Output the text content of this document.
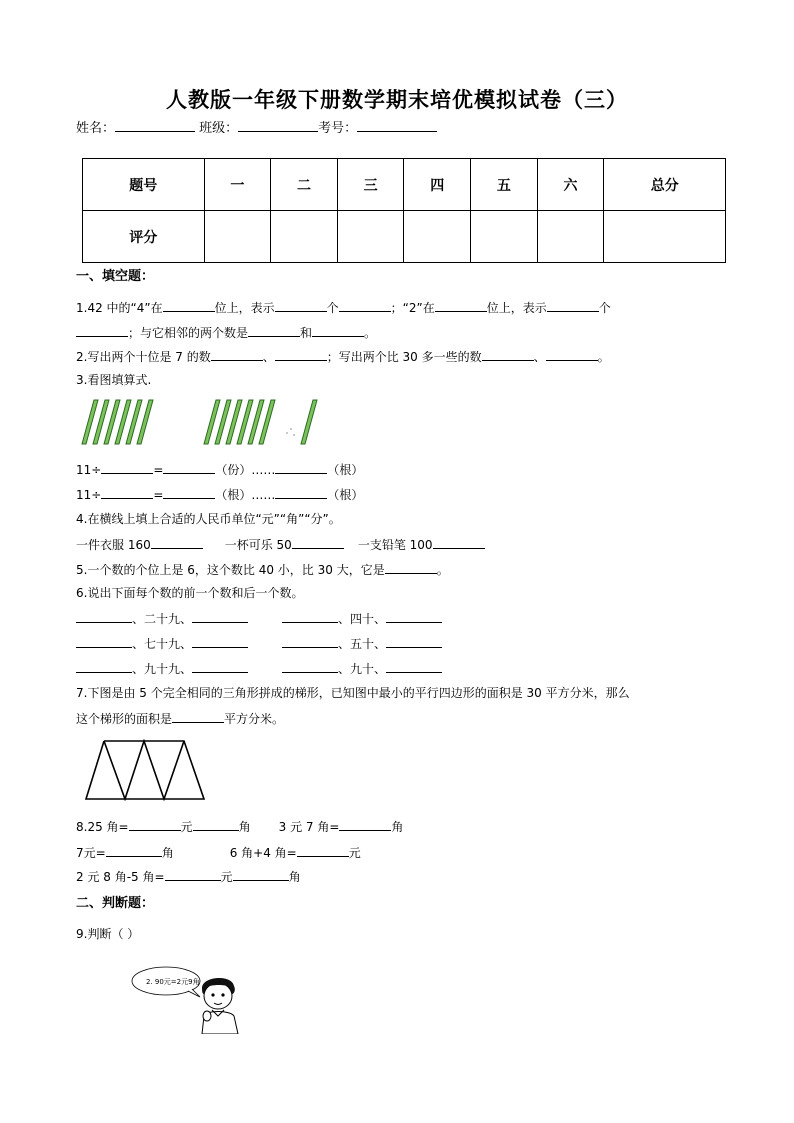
人教版一年级下册数学期末培优模拟试卷（三）
姓名：	班级：	考号：
题号	一	二	三	四	五	六	总分
评分							
一、填空题：
1.42 中的“4”在	位上，表示	个	；“2”在	位上，表示	个
；与它相邻的两个数是	和	。
2.写出两个十位是 7 的数	、	；写出两个比 30 多一些的数	、	。
3.看图填算式.
11÷	=	（份）……	（根）
11÷	=	（根）……	（根）
4.在横线上填上合适的人民币单位“元”“角”“分”。
一件衣服 160	一杯可乐 50	一支铅笔 100
5.一个数的个位上是 6，这个数比 40 小，比 30 大，它是	。
6.说出下面每个数的前一个数和后一个数。
、二十九、	、四十、
、七十九、	、五十、
、九十九、	、九十、
7.下图是由 5 个完全相同的三角形拼成的梯形，已知图中最小的平行四边形的面积是 30 平方分米，那么
这个梯形的面积是	平方分米。
8.25 角=	元	角 3 元 7 角=	角
7元=	角	6 角+4 角=	元
2 元 8 角-5 角=	元	角
二、判断题：
9.判断（ ）
2. 90元=2元9角
